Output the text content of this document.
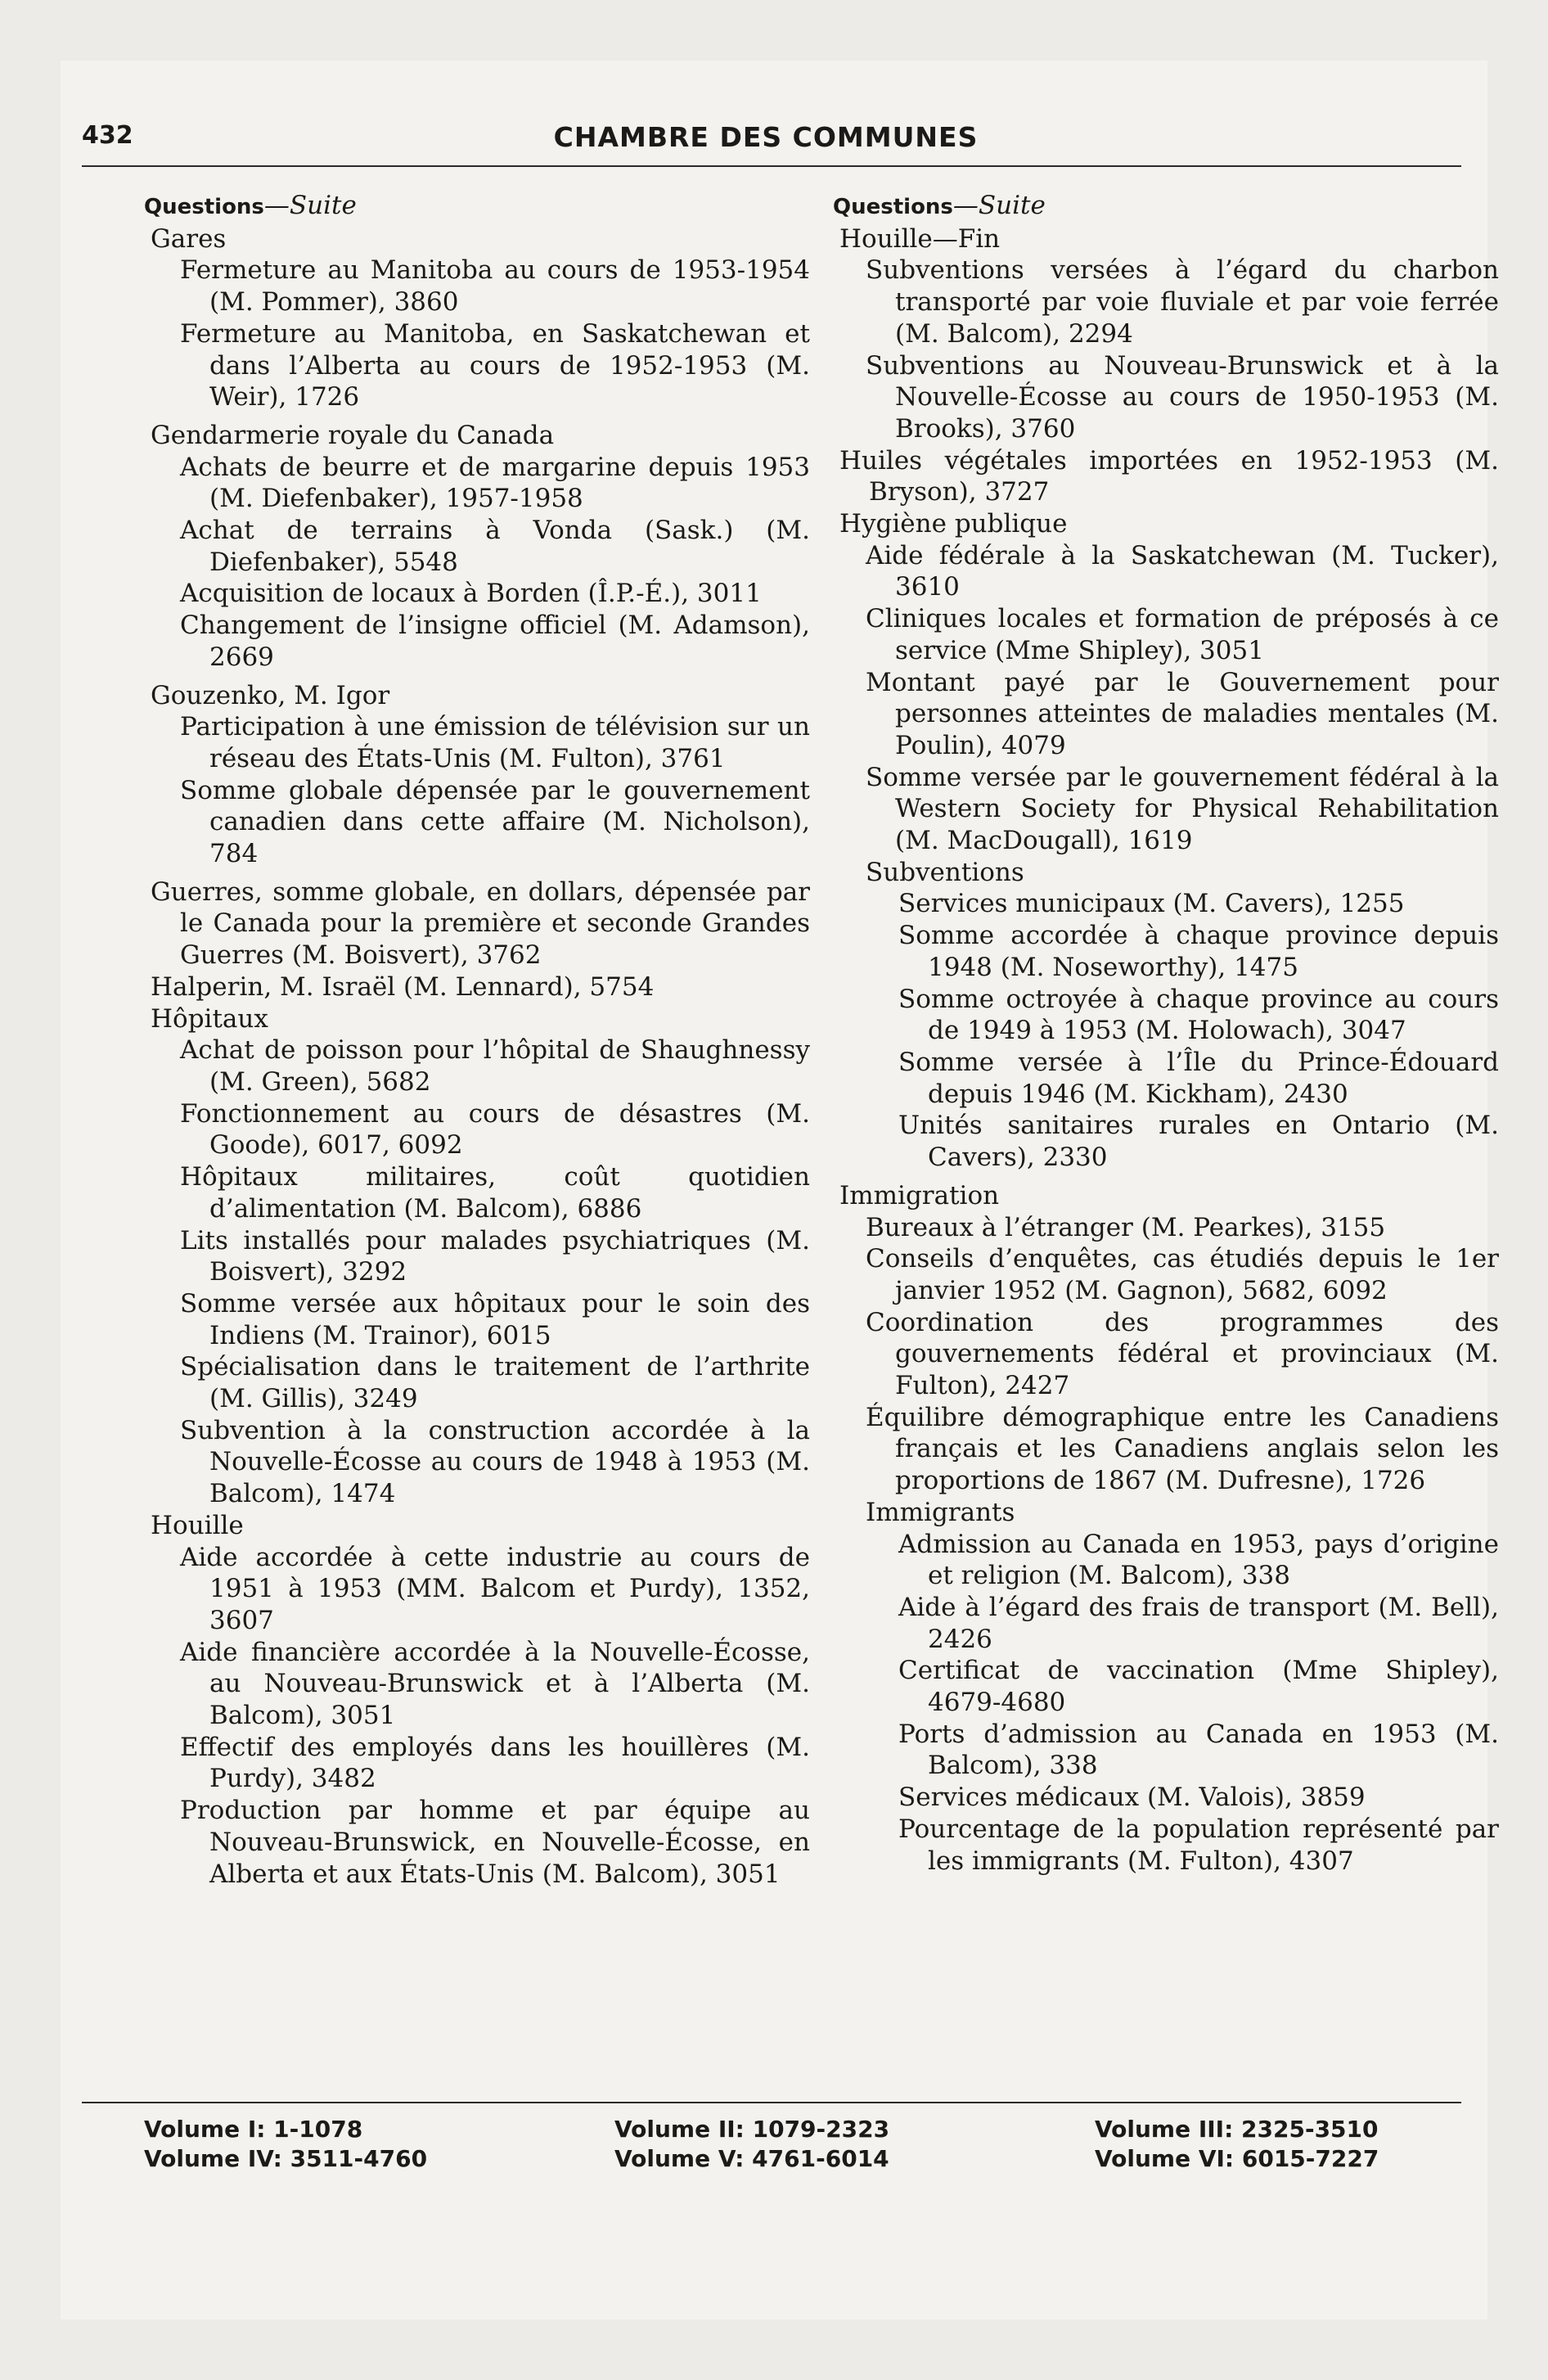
432	CHAMBRE DES COMMUNES
Questions—Suite
Gares
Fermeture au Manitoba au cours de 1953-1954 (M. Pommer), 3860
Fermeture au Manitoba, en Saskatchewan et dans l’Alberta au cours de 1952-1953 (M. Weir), 1726
Gendarmerie royale du Canada
Achats de beurre et de margarine depuis 1953 (M. Diefenbaker), 1957-1958
Achat de terrains à Vonda (Sask.) (M. Diefenbaker), 5548
Acquisition de locaux à Borden (Î.P.-É.), 3011
Changement de l’insigne officiel (M. Adamson), 2669
Gouzenko, M. Igor
Participation à une émission de télévision sur un réseau des États-Unis (M. Fulton), 3761
Somme globale dépensée par le gouvernement canadien dans cette affaire (M. Nicholson), 784
Guerres, somme globale, en dollars, dépensée par le Canada pour la première et seconde Grandes Guerres (M. Boisvert), 3762
Halperin, M. Israël (M. Lennard), 5754
Hôpitaux
Achat de poisson pour l’hôpital de Shaughnessy (M. Green), 5682
Fonctionnement au cours de désastres (M. Goode), 6017, 6092
Hôpitaux militaires, coût quotidien d’alimentation (M. Balcom), 6886
Lits installés pour malades psychiatriques (M. Boisvert), 3292
Somme versée aux hôpitaux pour le soin des Indiens (M. Trainor), 6015
Spécialisation dans le traitement de l’arthrite (M. Gillis), 3249
Subvention à la construction accordée à la Nouvelle-Écosse au cours de 1948 à 1953 (M. Balcom), 1474
Houille
Aide accordée à cette industrie au cours de 1951 à 1953 (MM. Balcom et Purdy), 1352, 3607
Aide financière accordée à la Nouvelle-Écosse, au Nouveau-Brunswick et à l’Alberta (M. Balcom), 3051
Effectif des employés dans les houillères (M. Purdy), 3482
Production par homme et par équipe au Nouveau-Brunswick, en Nouvelle-Écosse, en Alberta et aux États-Unis (M. Balcom), 3051
Questions—Suite
Houille—Fin
Subventions versées à l’égard du charbon transporté par voie fluviale et par voie ferrée (M. Balcom), 2294
Subventions au Nouveau-Brunswick et à la Nouvelle-Écosse au cours de 1950-1953 (M. Brooks), 3760
Huiles végétales importées en 1952-1953 (M. Bryson), 3727
Hygiène publique
Aide fédérale à la Saskatchewan (M. Tucker), 3610
Cliniques locales et formation de préposés à ce service (Mme Shipley), 3051
Montant payé par le Gouvernement pour personnes atteintes de maladies mentales (M. Poulin), 4079
Somme versée par le gouvernement fédéral à la Western Society for Physical Rehabilitation (M. MacDougall), 1619
Subventions
Services municipaux (M. Cavers), 1255
Somme accordée à chaque province depuis 1948 (M. Noseworthy), 1475
Somme octroyée à chaque province au cours de 1949 à 1953 (M. Holowach), 3047
Somme versée à l’Île du Prince-Édouard depuis 1946 (M. Kickham), 2430
Unités sanitaires rurales en Ontario (M. Cavers), 2330
Immigration
Bureaux à l’étranger (M. Pearkes), 3155
Conseils d’enquêtes, cas étudiés depuis le 1er janvier 1952 (M. Gagnon), 5682, 6092
Coordination des programmes des gouvernements fédéral et provinciaux (M. Fulton), 2427
Équilibre démographique entre les Canadiens français et les Canadiens anglais selon les proportions de 1867 (M. Dufresne), 1726
Immigrants
Admission au Canada en 1953, pays d’origine et religion (M. Balcom), 338
Aide à l’égard des frais de transport (M. Bell), 2426
Certificat de vaccination (Mme Shipley), 4679-4680
Ports d’admission au Canada en 1953 (M. Balcom), 338
Services médicaux (M. Valois), 3859
Pourcentage de la population représenté par les immigrants (M. Fulton), 4307
Volume I: 1-1078
Volume IV: 3511-4760
Volume II: 1079-2323
Volume V: 4761-6014
Volume III: 2325-3510
Volume VI: 6015-7227
